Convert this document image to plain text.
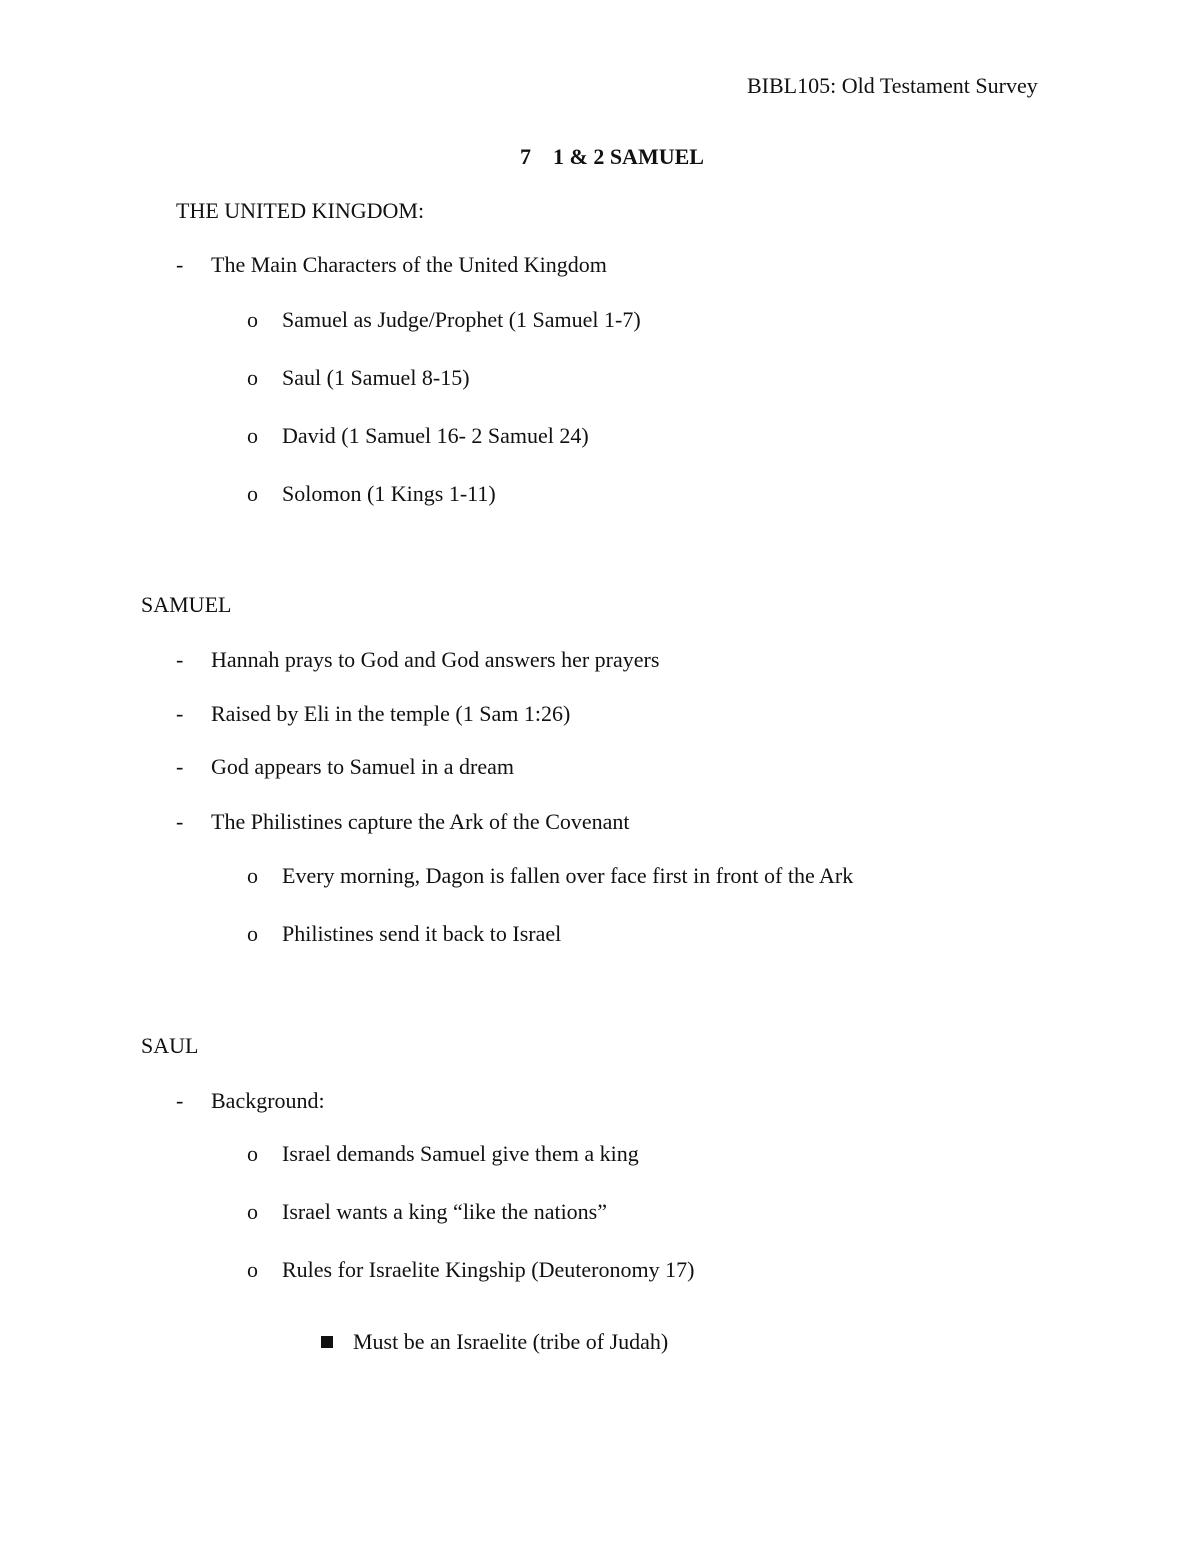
BIBL105: Old Testament Survey
7 1 & 2 SAMUEL
THE UNITED KINGDOM:
-	The Main Characters of the United Kingdom
o	Samuel as Judge/Prophet (1 Samuel 1-7)
o	Saul (1 Samuel 8-15)
o	David (1 Samuel 16- 2 Samuel 24)
o	Solomon (1 Kings 1-11)
SAMUEL
-	Hannah prays to God and God answers her prayers
-	Raised by Eli in the temple (1 Sam 1:26)
-	God appears to Samuel in a dream
-	The Philistines capture the Ark of the Covenant
o	Every morning, Dagon is fallen over face first in front of the Ark
o	Philistines send it back to Israel
SAUL
-	Background:
o	Israel demands Samuel give them a king
o	Israel wants a king “like the nations”
o	Rules for Israelite Kingship (Deuteronomy 17)
Must be an Israelite (tribe of Judah)
